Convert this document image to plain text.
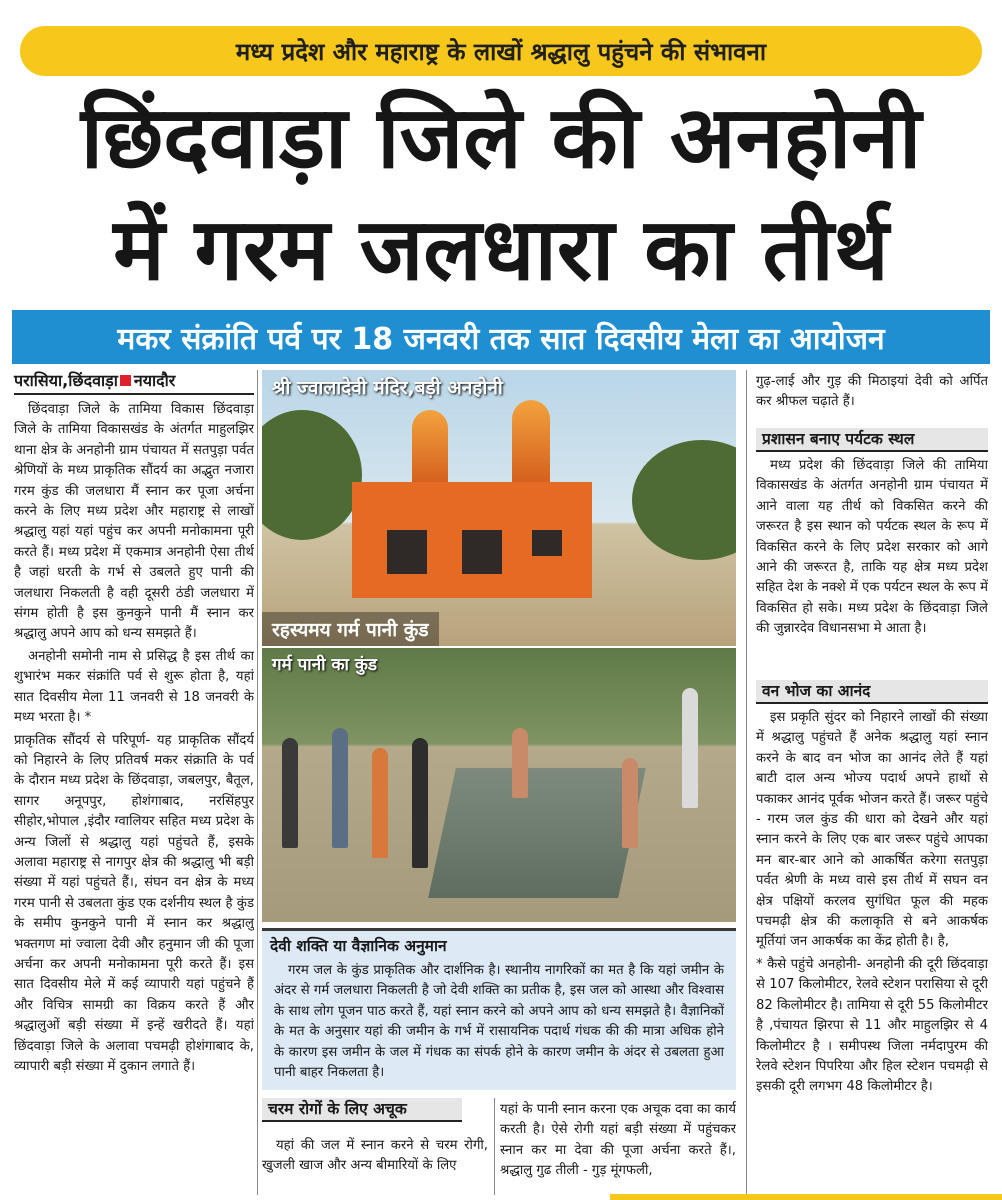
मध्य प्रदेश और महाराष्ट्र के लाखों श्रद्धालु पहुंचने की संभावना
छिंदवाड़ा जिले की अनहोनी
में गरम जलधारा का तीर्थ
मकर संक्रांति पर्व पर 18 जनवरी तक सात दिवसीय मेला का आयोजन
परासिया,छिंदवाड़ा नयादौर

छिंदवाड़ा जिले के तामिया विकास छिंदवाड़ा जिले के तामिया विकासखंड के अंतर्गत माहुलझिर थाना क्षेत्र के अनहोनी ग्राम पंचायत में सतपुड़ा पर्वत श्रेणियों के मध्य प्राकृतिक सौंदर्य का अद्भुत नजारा गरम कुंड की जलधारा मैं स्नान कर पूजा अर्चना करने के लिए मध्य प्रदेश और महाराष्ट्र से लाखों श्रद्धालु यहां यहां पहुंच कर अपनी मनोकामना पूरी करते हैं। मध्य प्रदेश में एकमात्र अनहोनी ऐसा तीर्थ है जहां धरती के गर्भ से उबलते हुए पानी की जलधारा निकलती है वही दूसरी ठंडी जलधारा में संगम होती है इस कुनकुने पानी मैं स्नान कर श्रद्धालु अपने आप को धन्य समझते हैं।

अनहोनी समोनी नाम से प्रसिद्ध है इस तीर्थ का शुभारंभ मकर संक्रांति पर्व से शुरू होता है, यहां सात दिवसीय मेला 11 जनवरी से 18 जनवरी के मध्य भरता है। *

प्राकृतिक सौंदर्य से परिपूर्ण- यह प्राकृतिक सौंदर्य को निहारने के लिए प्रतिवर्ष मकर संक्राति के पर्व के दौरान मध्य प्रदेश के छिंदवाड़ा, जबलपुर, बैतूल, सागर अनूपपुर, होशंगाबाद, नरसिंहपुर सीहोर,भोपाल ,इंदौर ग्वालियर सहित मध्य प्रदेश के अन्य जिलों से श्रद्धालु यहां पहुंचते हैं, इसके अलावा महाराष्ट्र से नागपुर क्षेत्र की श्रद्धालु भी बड़ी संख्या में यहां पहुंचते हैं।, संघन वन क्षेत्र के मध्य गरम पानी से उबलता कुंड एक दर्शनीय स्थल है कुंड के समीप कुनकुने पानी में स्नान कर श्रद्धालु भक्तगण मां ज्वाला देवी और हनुमान जी की पूजा अर्चना कर अपनी मनोकामना पूरी करते हैं। इस सात दिवसीय मेले में कई व्यापारी यहां पहुंचने हैं और विचित्र सामग्री का विक्रय करते हैं और श्रद्धालुओं बड़ी संख्या में इन्हें खरीदते हैं। यहां छिंदवाड़ा जिले के अलावा पचमढ़ी होशंगाबाद के, व्यापारी बड़ी संख्या में दुकान लगाते हैं।

श्री ज्वालादेवी मंदिर,बड़ी अनहोनी
रहस्यमय गर्म पानी कुंड
गर्म पानी का कुंड
देवी शक्ति या वैज्ञानिक अनुमान
गरम जल के कुंड प्राकृतिक और दार्शनिक है। स्थानीय नागरिकों का मत है कि यहां जमीन के अंदर से गर्म जलधारा निकलती है जो देवी शक्ति का प्रतीक है, इस जल को आस्था और विश्वास के साथ लोग पूजन पाठ करते हैं, यहां स्नान करने को अपने आप को धन्य समझते है। वैज्ञानिकों के मत के अनुसार यहां की जमीन के गर्भ में रासायनिक पदार्थ गंधक की की मात्रा अधिक होने के कारण इस जमीन के जल में गंधक का संपर्क होने के कारण जमीन के अंदर से उबलता हुआ पानी बाहर निकलता है।
चरम रोगों के लिए अचूक

यहां की जल में स्नान करने से चरम रोगी, खुजली खाज और अन्य बीमारियों के लिए

यहां के पानी स्नान करना एक अचूक दवा का कार्य करती है। ऐसे रोगी यहां बड़ी संख्या में पहुंचकर स्नान कर मा देवा की पूजा अर्चना करते हैं।, श्रद्धालु गुढ तीली - गुड़ मूंगफली,

गुढ़-लाई और गुड़ की मिठाइयां देवी को अर्पित कर श्रीफल चढ़ाते हैं।

प्रशासन बनाए पर्यटक स्थल

मध्य प्रदेश की छिंदवाड़ा जिले की तामिया विकासखंड के अंतर्गत अनहोनी ग्राम पंचायत में आने वाला यह तीर्थ को विकसित करने की जरूरत है इस स्थान को पर्यटक स्थल के रूप में विकसित करने के लिए प्रदेश सरकार को आगे आने की जरूरत है, ताकि यह क्षेत्र मध्य प्रदेश सहित देश के नक्शे में एक पर्यटन स्थल के रूप में विकसित हो सके। मध्य प्रदेश के छिंदवाड़ा जिले की जुन्नारदेव विधानसभा मे आता है।

वन भोज का आनंद

इस प्रकृति सुंदर को निहारने लाखों की संख्या में श्रद्धालु पहुंचते हैं अनेक श्रद्धालु यहां स्नान करने के बाद वन भोज का आनंद लेते हैं यहां बाटी दाल अन्य भोज्य पदार्थ अपने हाथों से पकाकर आनंद पूर्वक भोजन करते हैं। जरूर पहुंचे - गरम जल कुंड की धारा को देखने और यहां स्नान करने के लिए एक बार जरूर पहुंचे आपका मन बार-बार आने को आकर्षित करेगा सतपुड़ा पर्वत श्रेणी के मध्य वासे इस तीर्थ में सघन वन क्षेत्र पक्षियों करलव सुगंधित फूल की महक पचमढ़ी क्षेत्र की कलाकृति से बने आकर्षक मूर्तियां जन आकर्षक का केंद्र होती है। है,

* कैसे पहुंचे अनहोनी- अनहोनी की दूरी छिंदवाड़ा से 107 किलोमीटर, रेलवे स्टेशन परासिया से दूरी 82 किलोमीटर है। तामिया से दूरी 55 किलोमीटर है ,पंचायत झिरपा से 11 और माहुलझिर से 4 किलोमीटर है । समीपस्थ जिला नर्मदापुरम की रेलवे स्टेशन पिपरिया और हिल स्टेशन पचमढ़ी से इसकी दूरी लगभग 48 किलोमीटर है।
